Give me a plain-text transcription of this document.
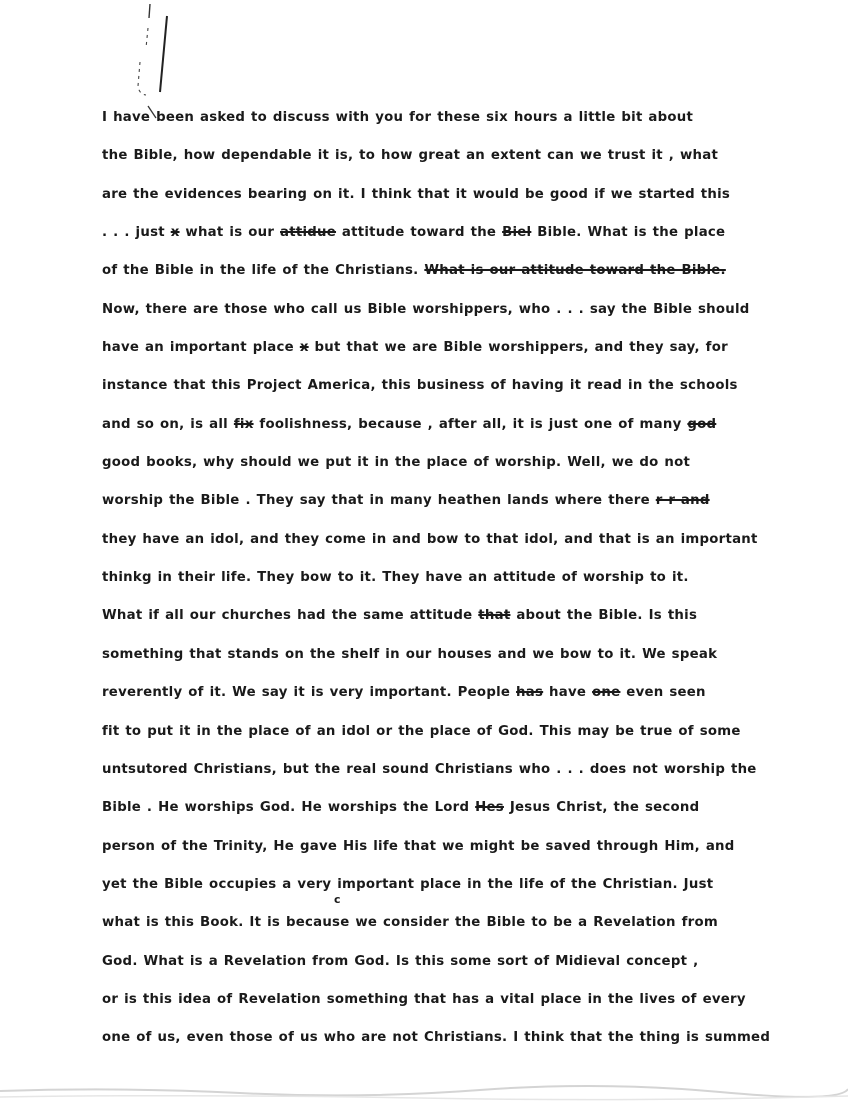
I have been asked to discuss with you for these six hours a little bit about
the Bible, how dependable it is, to how great an extent can we trust it , what
are the evidences bearing on it. I think that it would be good if we started this
. . . just x what is our attidue attitude toward the Biel Bible. What is the place
of the Bible in the life of the Christians. What is our attitude toward the Bible.
Now, there are those who call us Bible worshippers, who . . . say the Bible should
have an important place x but that we are Bible worshippers, and they say, for
instance that this Project America, this business of having it read in the schools
and so on, is all fix foolishness, because , after all, it is just one of many god
good books, why should we put it in the place of worship. Well, we do not
worship the Bible . They say that in many heathen lands where there r-r-and
they have an idol, and they come in and bow to that idol, and that is an important
thinkg in their life. They bow to it. They have an attitude of worship to it.
What if all our churches had the same attitude that about the Bible. Is this
something that stands on the shelf in our houses and we bow to it. We speak
reverently of it. We say it is very important. People has have one even seen
fit to put it in the place of an idol or the place of God. This may be true of some
untsutored Christians, but the real sound Christians who . . . does not worship the
Bible . He worships God. He worships the Lord Hes Jesus Christ, the second
person of the Trinity, He gave His life that we might be saved through Him, and
yet the Bible occupies a very important place in the life of the Christian. Just
what is this Book. It is because we consider the Bible to be a Revelation from
God. What is a Revelation from God. Is this some sort of Midieval concept ,
or is this idea of Revelation something that has a vital place in the lives of every
one of us, even those of us who are not Christians. I think that the thing is summed
c
